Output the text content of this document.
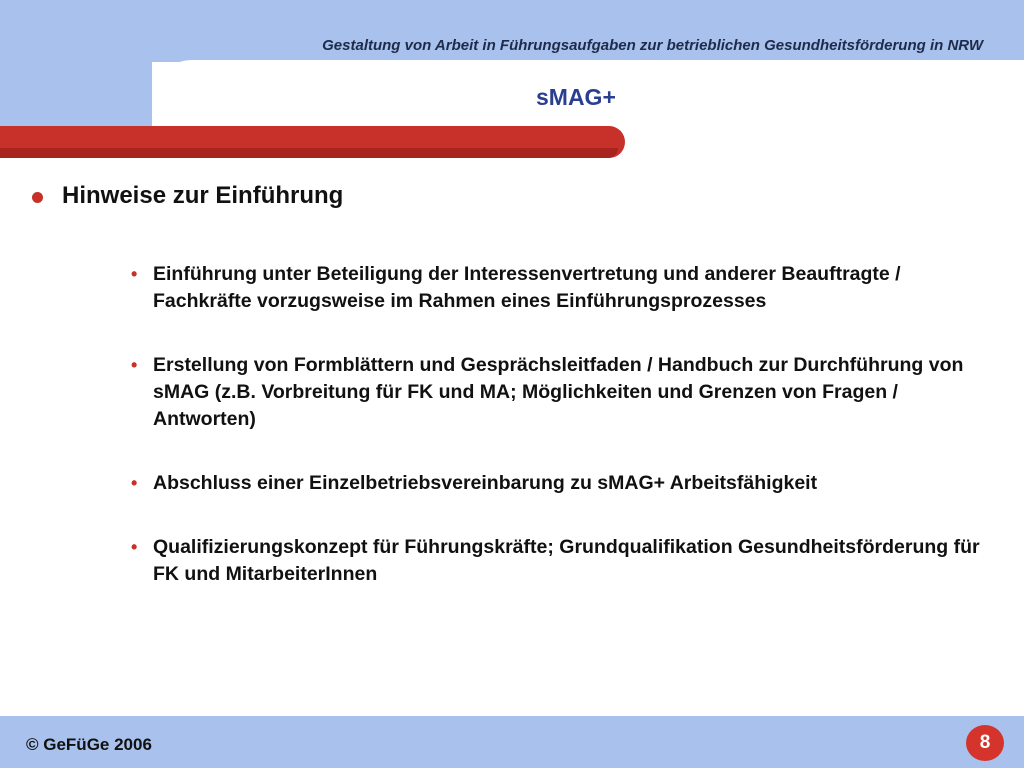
Gestaltung von Arbeit in Führungsaufgaben zur betrieblichen Gesundheitsförderung in NRW
sMAG+
Hinweise zur Einführung
• Einführung unter Beteiligung der Interessenvertretung und anderer Beauftragte / Fachkräfte vorzugsweise im Rahmen eines Einführungsprozesses
• Erstellung von Formblättern und Gesprächsleitfaden / Handbuch zur Durchführung von sMAG (z.B. Vorbreitung für FK und MA; Möglichkeiten und Grenzen von Fragen / Antworten)
• Abschluss einer Einzelbetriebsvereinbarung zu sMAG+ Arbeitsfähigkeit
• Qualifizierungskonzept für Führungskräfte; Grundqualifikation Gesundheitsförderung für FK und MitarbeiterInnen
© GeFüGe 2006	8
